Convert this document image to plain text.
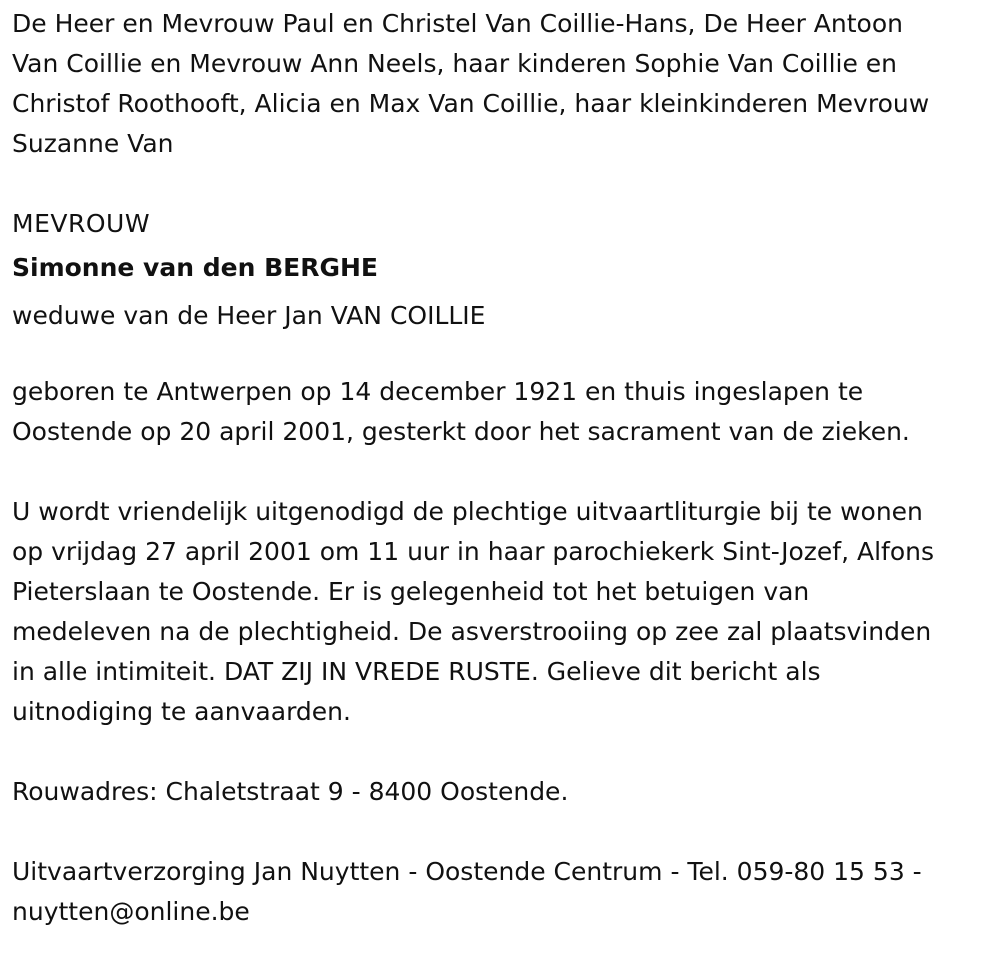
De Heer en Mevrouw Paul en Christel Van Coillie-Hans, De Heer Antoon
Van Coillie en Mevrouw Ann Neels, haar kinderen Sophie Van Coillie en
Christof Roothooft, Alicia en Max Van Coillie, haar kleinkinderen Mevrouw
Suzanne Van

MEVROUW

Simonne van den BERGHE

weduwe van de Heer Jan VAN COILLIE

geboren te Antwerpen op 14 december 1921 en thuis ingeslapen te
Oostende op 20 april 2001, gesterkt door het sacrament van de zieken.

U wordt vriendelijk uitgenodigd de plechtige uitvaartliturgie bij te wonen
op vrijdag 27 april 2001 om 11 uur in haar parochiekerk Sint-Jozef, Alfons
Pieterslaan te Oostende. Er is gelegenheid tot het betuigen van
medeleven na de plechtigheid. De asverstrooiing op zee zal plaatsvinden
in alle intimiteit. DAT ZIJ IN VREDE RUSTE. Gelieve dit bericht als
uitnodiging te aanvaarden.

Rouwadres: Chaletstraat 9 - 8400 Oostende.

Uitvaartverzorging Jan Nuytten - Oostende Centrum - Tel. 059-80 15 53 -

nuytten@online.be
